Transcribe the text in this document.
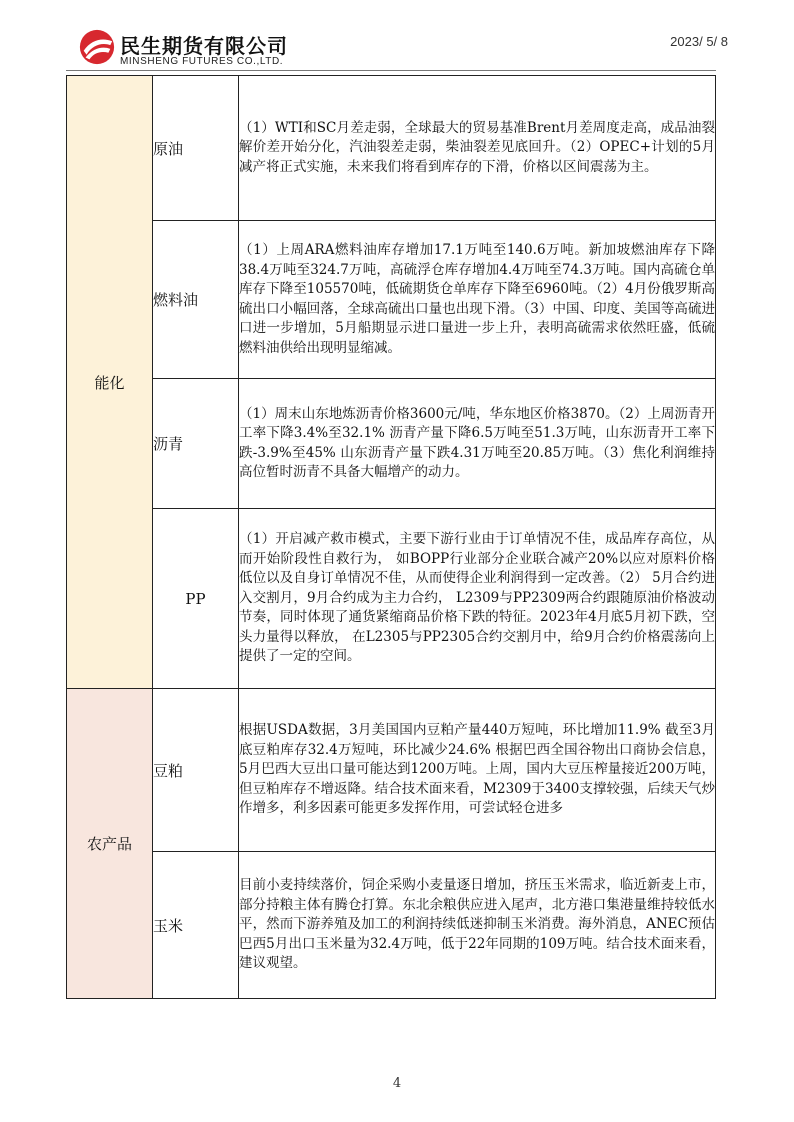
民生期货有限公司
MINSHENG FUTURES CO.,LTD.
2023/ 5/ 8
能化	原油	（1）WTI和SC月差走弱，全球最大的贸易基准Brent月差周度走高，成品油裂解价差开始分化，汽油裂差走弱，柴油裂差见底回升。（2）OPEC+计划的5月减产将正式实施，未来我们将看到库存的下滑，价格以区间震荡为主。

	燃料油	（1）上周ARA燃料油库存增加17.1万吨至140.6万吨。新加坡燃油库存下降38.4万吨至324.7万吨，高硫浮仓库存增加4.4万吨至74.3万吨。国内高硫仓单库存下降至105570吨，低硫期货仓单库存下降至6960吨。（2）4月份俄罗斯高硫出口小幅回落，全球高硫出口量也出现下滑。（3）中国、印度、美国等高硫进口进一步增加，5月船期显示进口量进一步上升，表明高硫需求依然旺盛，低硫燃料油供给出现明显缩减。

	沥青	（1）周末山东地炼沥青价格3600元/吨，华东地区价格3870。（2）上周沥青开工率下降3.4%至32.1% 沥青产量下降6.5万吨至51.3万吨，山东沥青开工率下跌-3.9%至45% 山东沥青产量下跌4.31万吨至20.85万吨。（3）焦化利润维持高位暂时沥青不具备大幅增产的动力。

	PP	（1）开启减产救市模式，主要下游行业由于订单情况不佳，成品库存高位，从而开始阶段性自救行为， 如BOPP行业部分企业联合减产20%以应对原料价格低位以及自身订单情况不佳，从而使得企业利润得到一定改善。（2） 5月合约进入交割月，9月合约成为主力合约， L2309与PP2309两合约跟随原油价格波动节奏，同时体现了通货紧缩商品价格下跌的特征。2023年4月底5月初下跌，空头力量得以释放， 在L2305与PP2305合约交割月中，给9月合约价格震荡向上提供了一定的空间。

农产品	豆粕	根据USDA数据，3月美国国内豆粕产量440万短吨，环比增加11.9% 截至3月底豆粕库存32.4万短吨，环比减少24.6% 根据巴西全国谷物出口商协会信息，5月巴西大豆出口量可能达到1200万吨。上周，国内大豆压榨量接近200万吨，但豆粕库存不增返降。结合技术面来看，M2309于3400支撑较强，后续天气炒作增多，利多因素可能更多发挥作用，可尝试轻仓进多

	玉米	目前小麦持续落价，饲企采购小麦量逐日增加，挤压玉米需求，临近新麦上市，部分持粮主体有腾仓打算。东北余粮供应进入尾声，北方港口集港量维持较低水平，然而下游养殖及加工的利润持续低迷抑制玉米消费。海外消息，ANEC预估巴西5月出口玉米量为32.4万吨，低于22年同期的109万吨。结合技术面来看，建议观望。

4
